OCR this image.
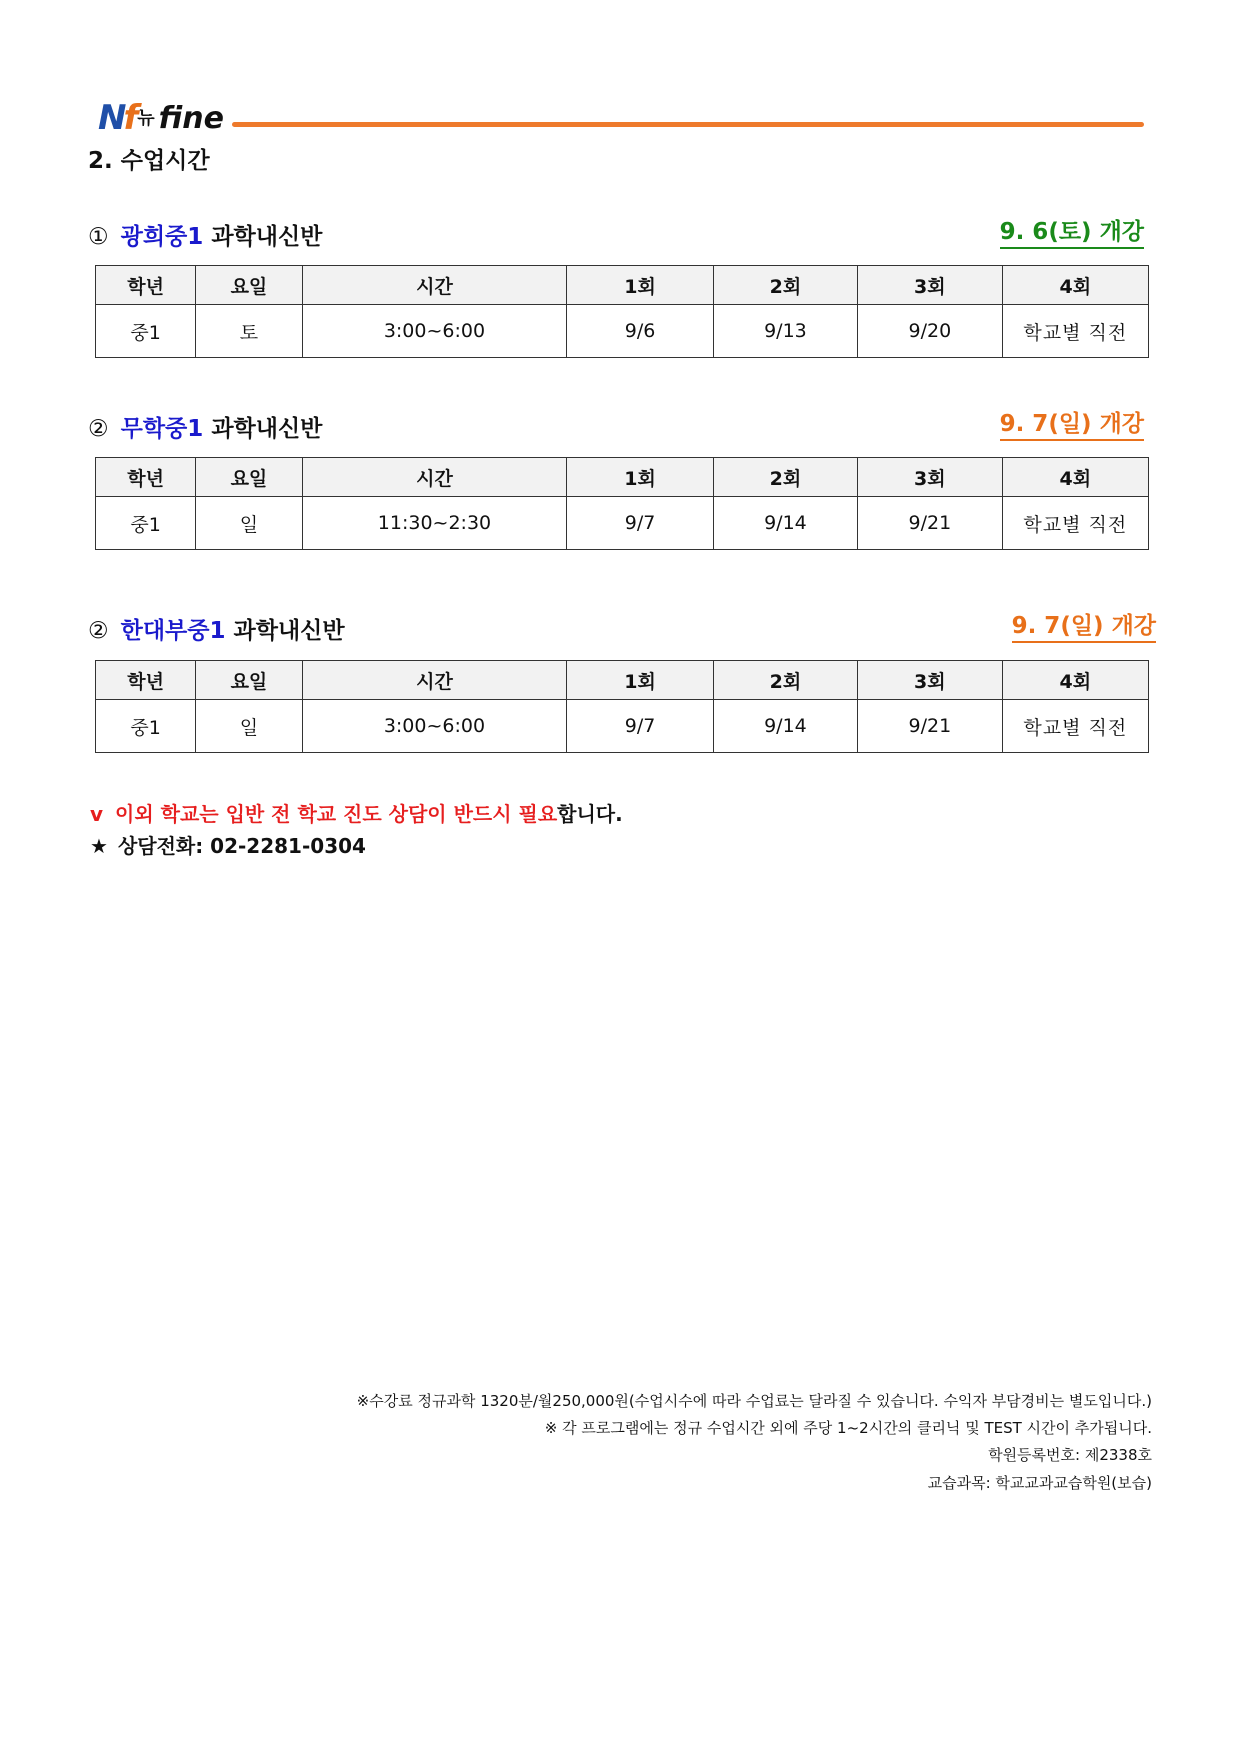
Nf 뉴 fine
2. 수업시간
① 광희중1 과학내신반	9. 6(토) 개강
학년	요일	시간	1회	2회	3회	4회
중1	토	3:00~6:00	9/6	9/13	9/20	학교별 직전
② 무학중1 과학내신반	9. 7(일) 개강
학년	요일	시간	1회	2회	3회	4회
중1	일	11:30~2:30	9/7	9/14	9/21	학교별 직전
② 한대부중1 과학내신반	9. 7(일) 개강
학년	요일	시간	1회	2회	3회	4회
중1	일	3:00~6:00	9/7	9/14	9/21	학교별 직전
v 이외 학교는 입반 전 학교 진도 상담이 반드시 필요합니다.
★ 상담전화: 02-2281-0304
※수강료 정규과학 1320분/월250,000원(수업시수에 따라 수업료는 달라질 수 있습니다. 수익자 부담경비는 별도입니다.)
※ 각 프로그램에는 정규 수업시간 외에 주당 1~2시간의 클리닉 및 TEST 시간이 추가됩니다.
학원등록번호: 제2338호
교습과목: 학교교과교습학원(보습)
